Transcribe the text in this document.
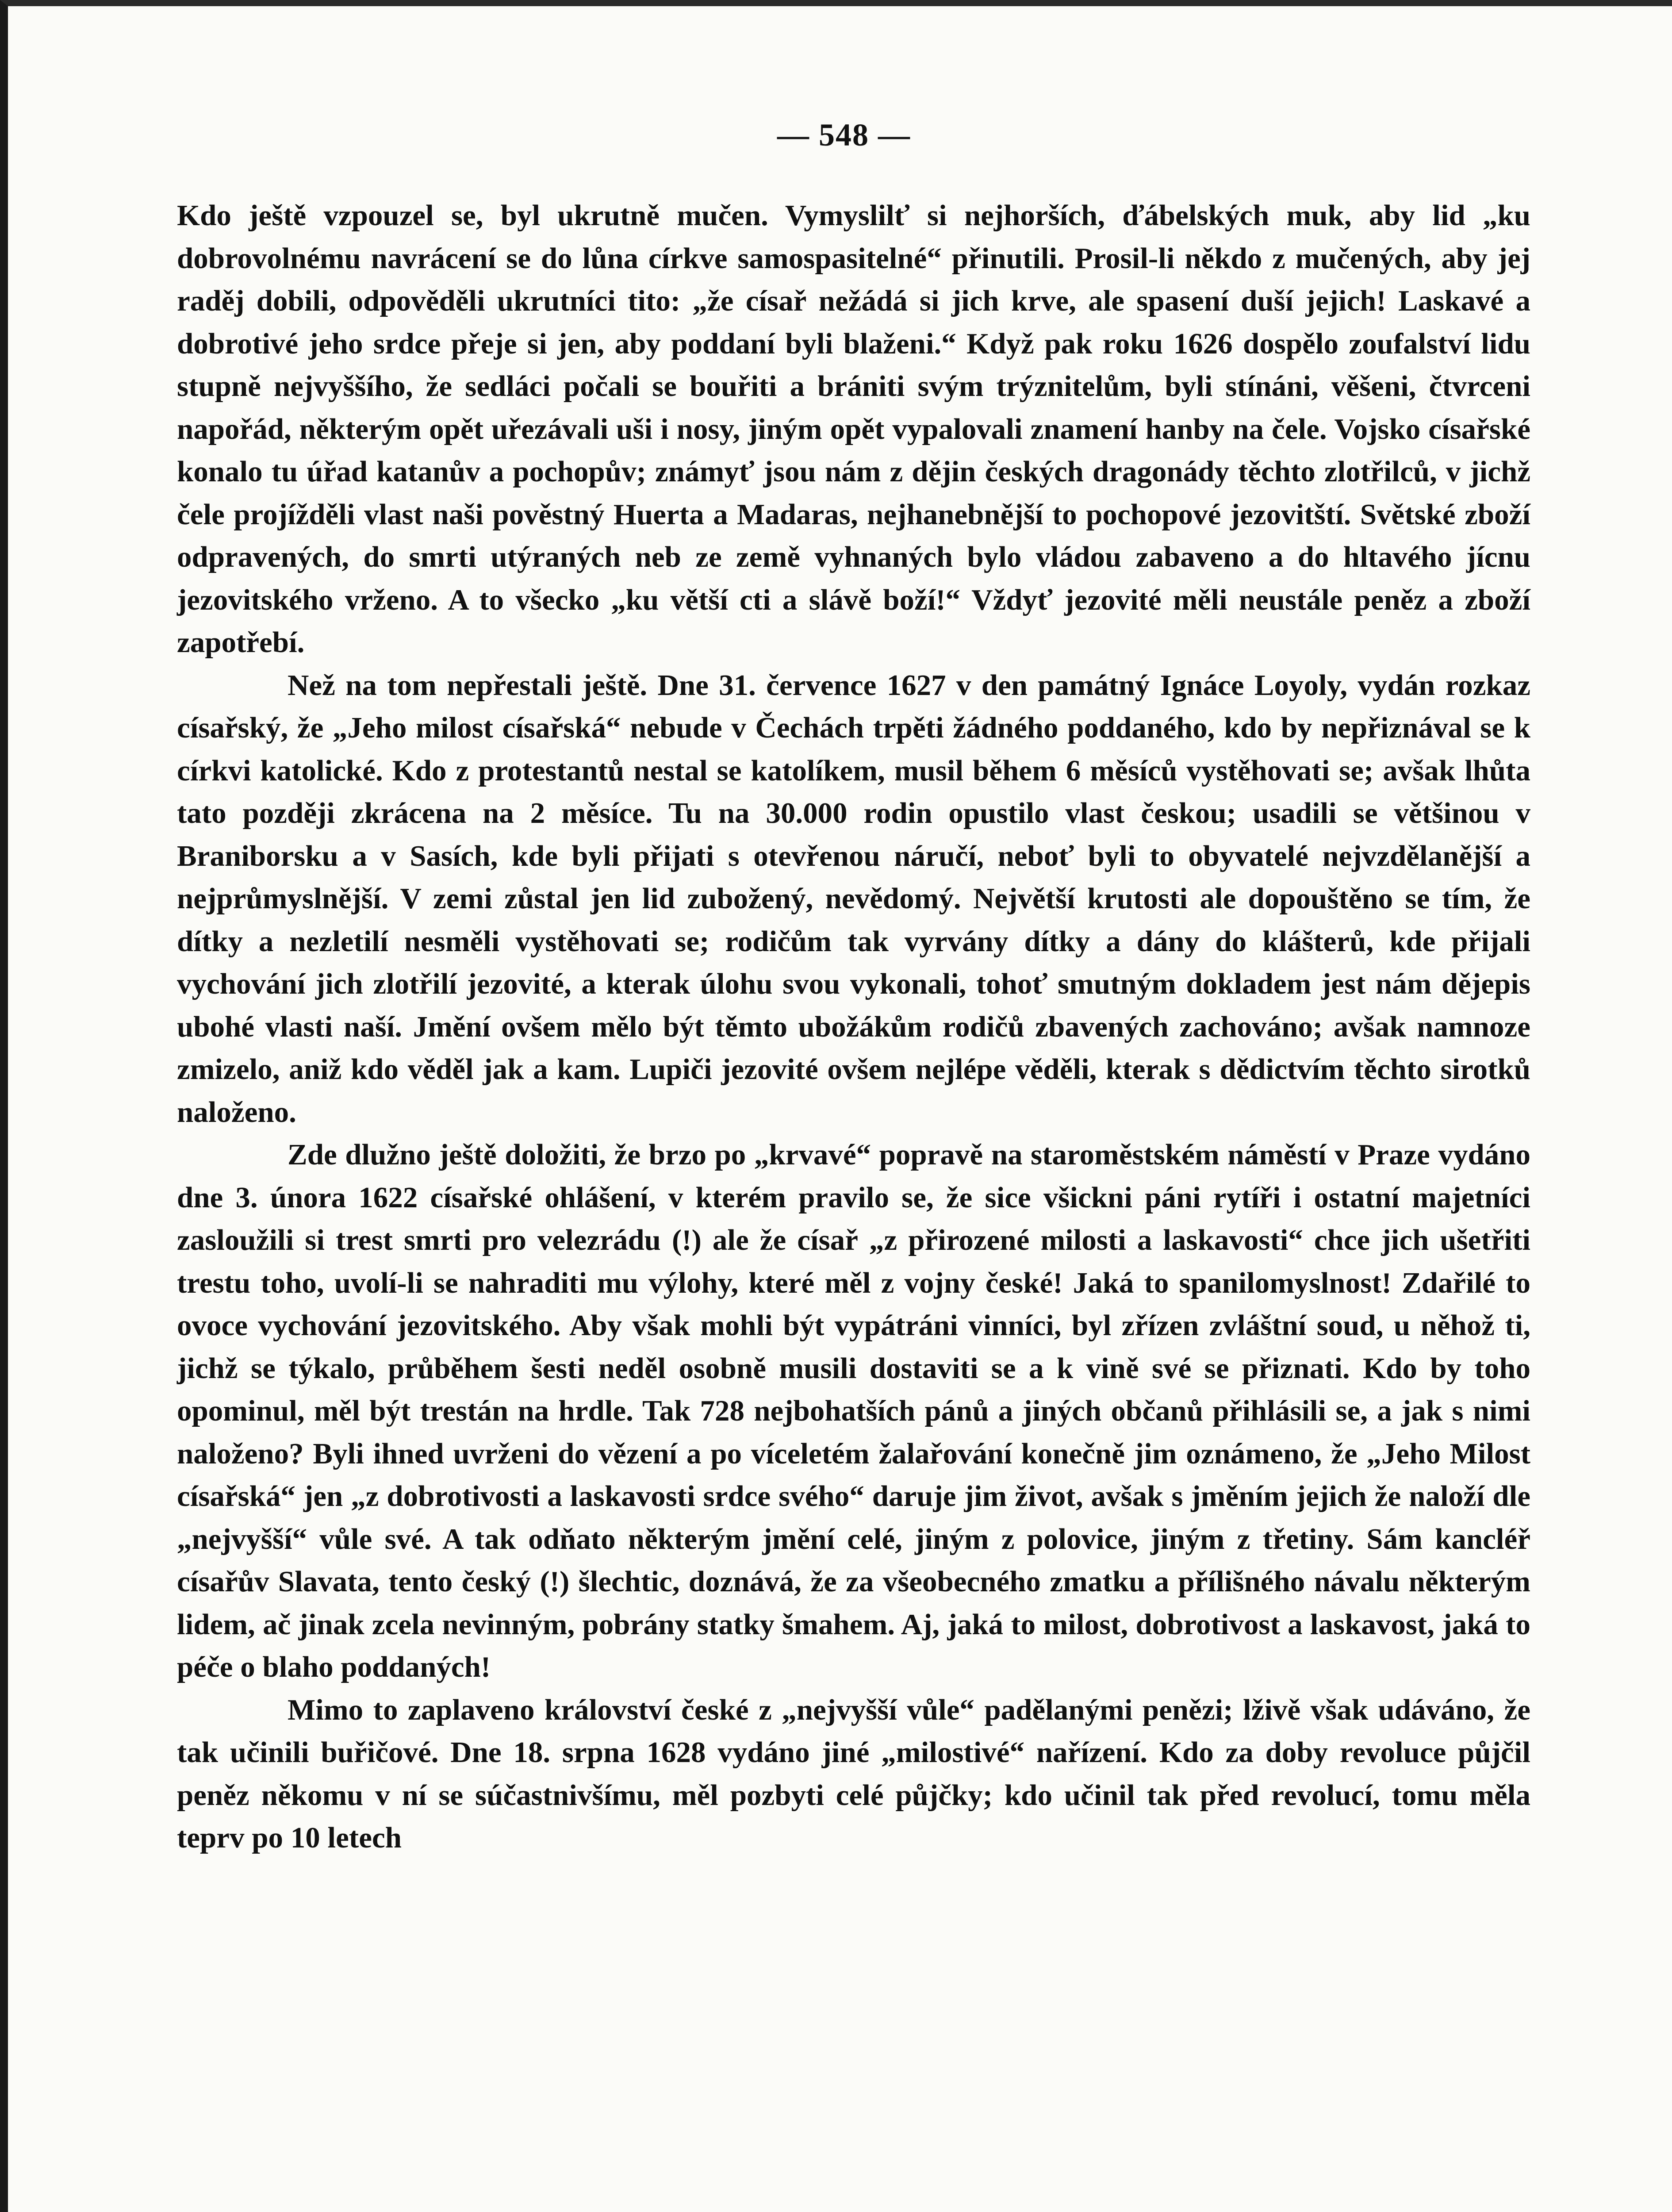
— 548 —

Kdo ještě vzpouzel se, byl ukrutně mučen. Vymyslilť si nejhorších, ďábelských muk, aby lid „ku dobrovolnému navrácení se do lůna církve samospasitelné“ přinutili. Prosil-li někdo z mučených, aby jej raděj dobili, odpověděli ukrutníci tito: „že císař nežádá si jich krve, ale spasení duší jejich! Laskavé a dobrotivé jeho srdce přeje si jen, aby poddaní byli blaženi.“ Když pak roku 1626 dospělo zoufalství lidu stupně nejvyššího, že sedláci počali se bouřiti a brániti svým trýznitelům, byli stínáni, věšeni, čtvrceni napořád, některým opět uřezávali uši i nosy, jiným opět vypalovali znamení hanby na čele. Vojsko císařské konalo tu úřad katanův a pochopův; známyť jsou nám z dějin českých dragonády těchto zlotřilců, v jichž čele projížděli vlast naši pověstný Huerta a Madaras, nejhanebnější to pochopové jezovitští. Světské zboží odpravených, do smrti utýraných neb ze země vyhnaných bylo vládou zabaveno a do hltavého jícnu jezovitského vrženo. A to všecko „ku větší cti a slávě boží!“ Vždyť jezovité měli neustále peněz a zboží zapotřebí.

Než na tom nepřestali ještě. Dne 31. července 1627 v den památný Ignáce Loyoly, vydán rozkaz císařský, že „Jeho milost císařská“ nebude v Čechách trpěti žádného poddaného, kdo by nepřiznával se k církvi katolické. Kdo z protestantů nestal se katolíkem, musil během 6 měsíců vystěhovati se; avšak lhůta tato později zkrácena na 2 měsíce. Tu na 30.000 rodin opustilo vlast českou; usadili se většinou v Braniborsku a v Sasích, kde byli přijati s otevřenou náručí, neboť byli to obyvatelé nejvzdělanější a nejprůmyslnější. V zemi zůstal jen lid zubožený, nevědomý. Největší krutosti ale dopouštěno se tím, že dítky a nezletilí nesměli vystěhovati se; rodičům tak vyrvány dítky a dány do klášterů, kde přijali vychování jich zlotřilí jezovité, a kterak úlohu svou vykonali, tohoť smutným dokladem jest nám dějepis ubohé vlasti naší. Jmění ovšem mělo být těmto ubožákům rodičů zbavených zachováno; avšak namnoze zmizelo, aniž kdo věděl jak a kam. Lupiči jezovité ovšem nejlépe věděli, kterak s dědictvím těchto sirotků naloženo.

Zde dlužno ještě doložiti, že brzo po „krvavé“ popravě na staroměstském náměstí v Praze vydáno dne 3. února 1622 císařské ohlášení, v kterém pravilo se, že sice všickni páni rytíři i ostatní majetníci zasloužili si trest smrti pro velezrádu (!) ale že císař „z přirozené milosti a laskavosti“ chce jich ušetřiti trestu toho, uvolí-li se nahraditi mu výlohy, které měl z vojny české! Jaká to spanilomyslnost! Zdařilé to ovoce vychování jezovitského. Aby však mohli být vypátráni vinníci, byl zřízen zvláštní soud, u něhož ti, jichž se týkalo, průběhem šesti neděl osobně musili dostaviti se a k vině své se přiznati. Kdo by toho opominul, měl být trestán na hrdle. Tak 728 nejbohatších pánů a jiných občanů přihlásili se, a jak s nimi naloženo? Byli ihned uvrženi do vězení a po víceletém žalařování konečně jim oznámeno, že „Jeho Milost císařská“ jen „z dobrotivosti a laskavosti srdce svého“ daruje jim život, avšak s jměním jejich že naloží dle „nejvyšší“ vůle své. A tak odňato některým jmění celé, jiným z polovice, jiným z třetiny. Sám kancléř císařův Slavata, tento český (!) šlechtic, doznává, že za všeobecného zmatku a přílišného návalu některým lidem, ač jinak zcela nevinným, pobrány statky šmahem. Aj, jaká to milost, dobrotivost a laskavost, jaká to péče o blaho poddaných!

Mimo to zaplaveno království české z „nejvyšší vůle“ padělanými penězi; lživě však udáváno, že tak učinili buřičové. Dne 18. srpna 1628 vydáno jiné „milostivé“ nařízení. Kdo za doby revoluce půjčil peněz někomu v ní se súčastnivšímu, měl pozbyti celé půjčky; kdo učinil tak před revolucí, tomu měla teprv po 10 letech
